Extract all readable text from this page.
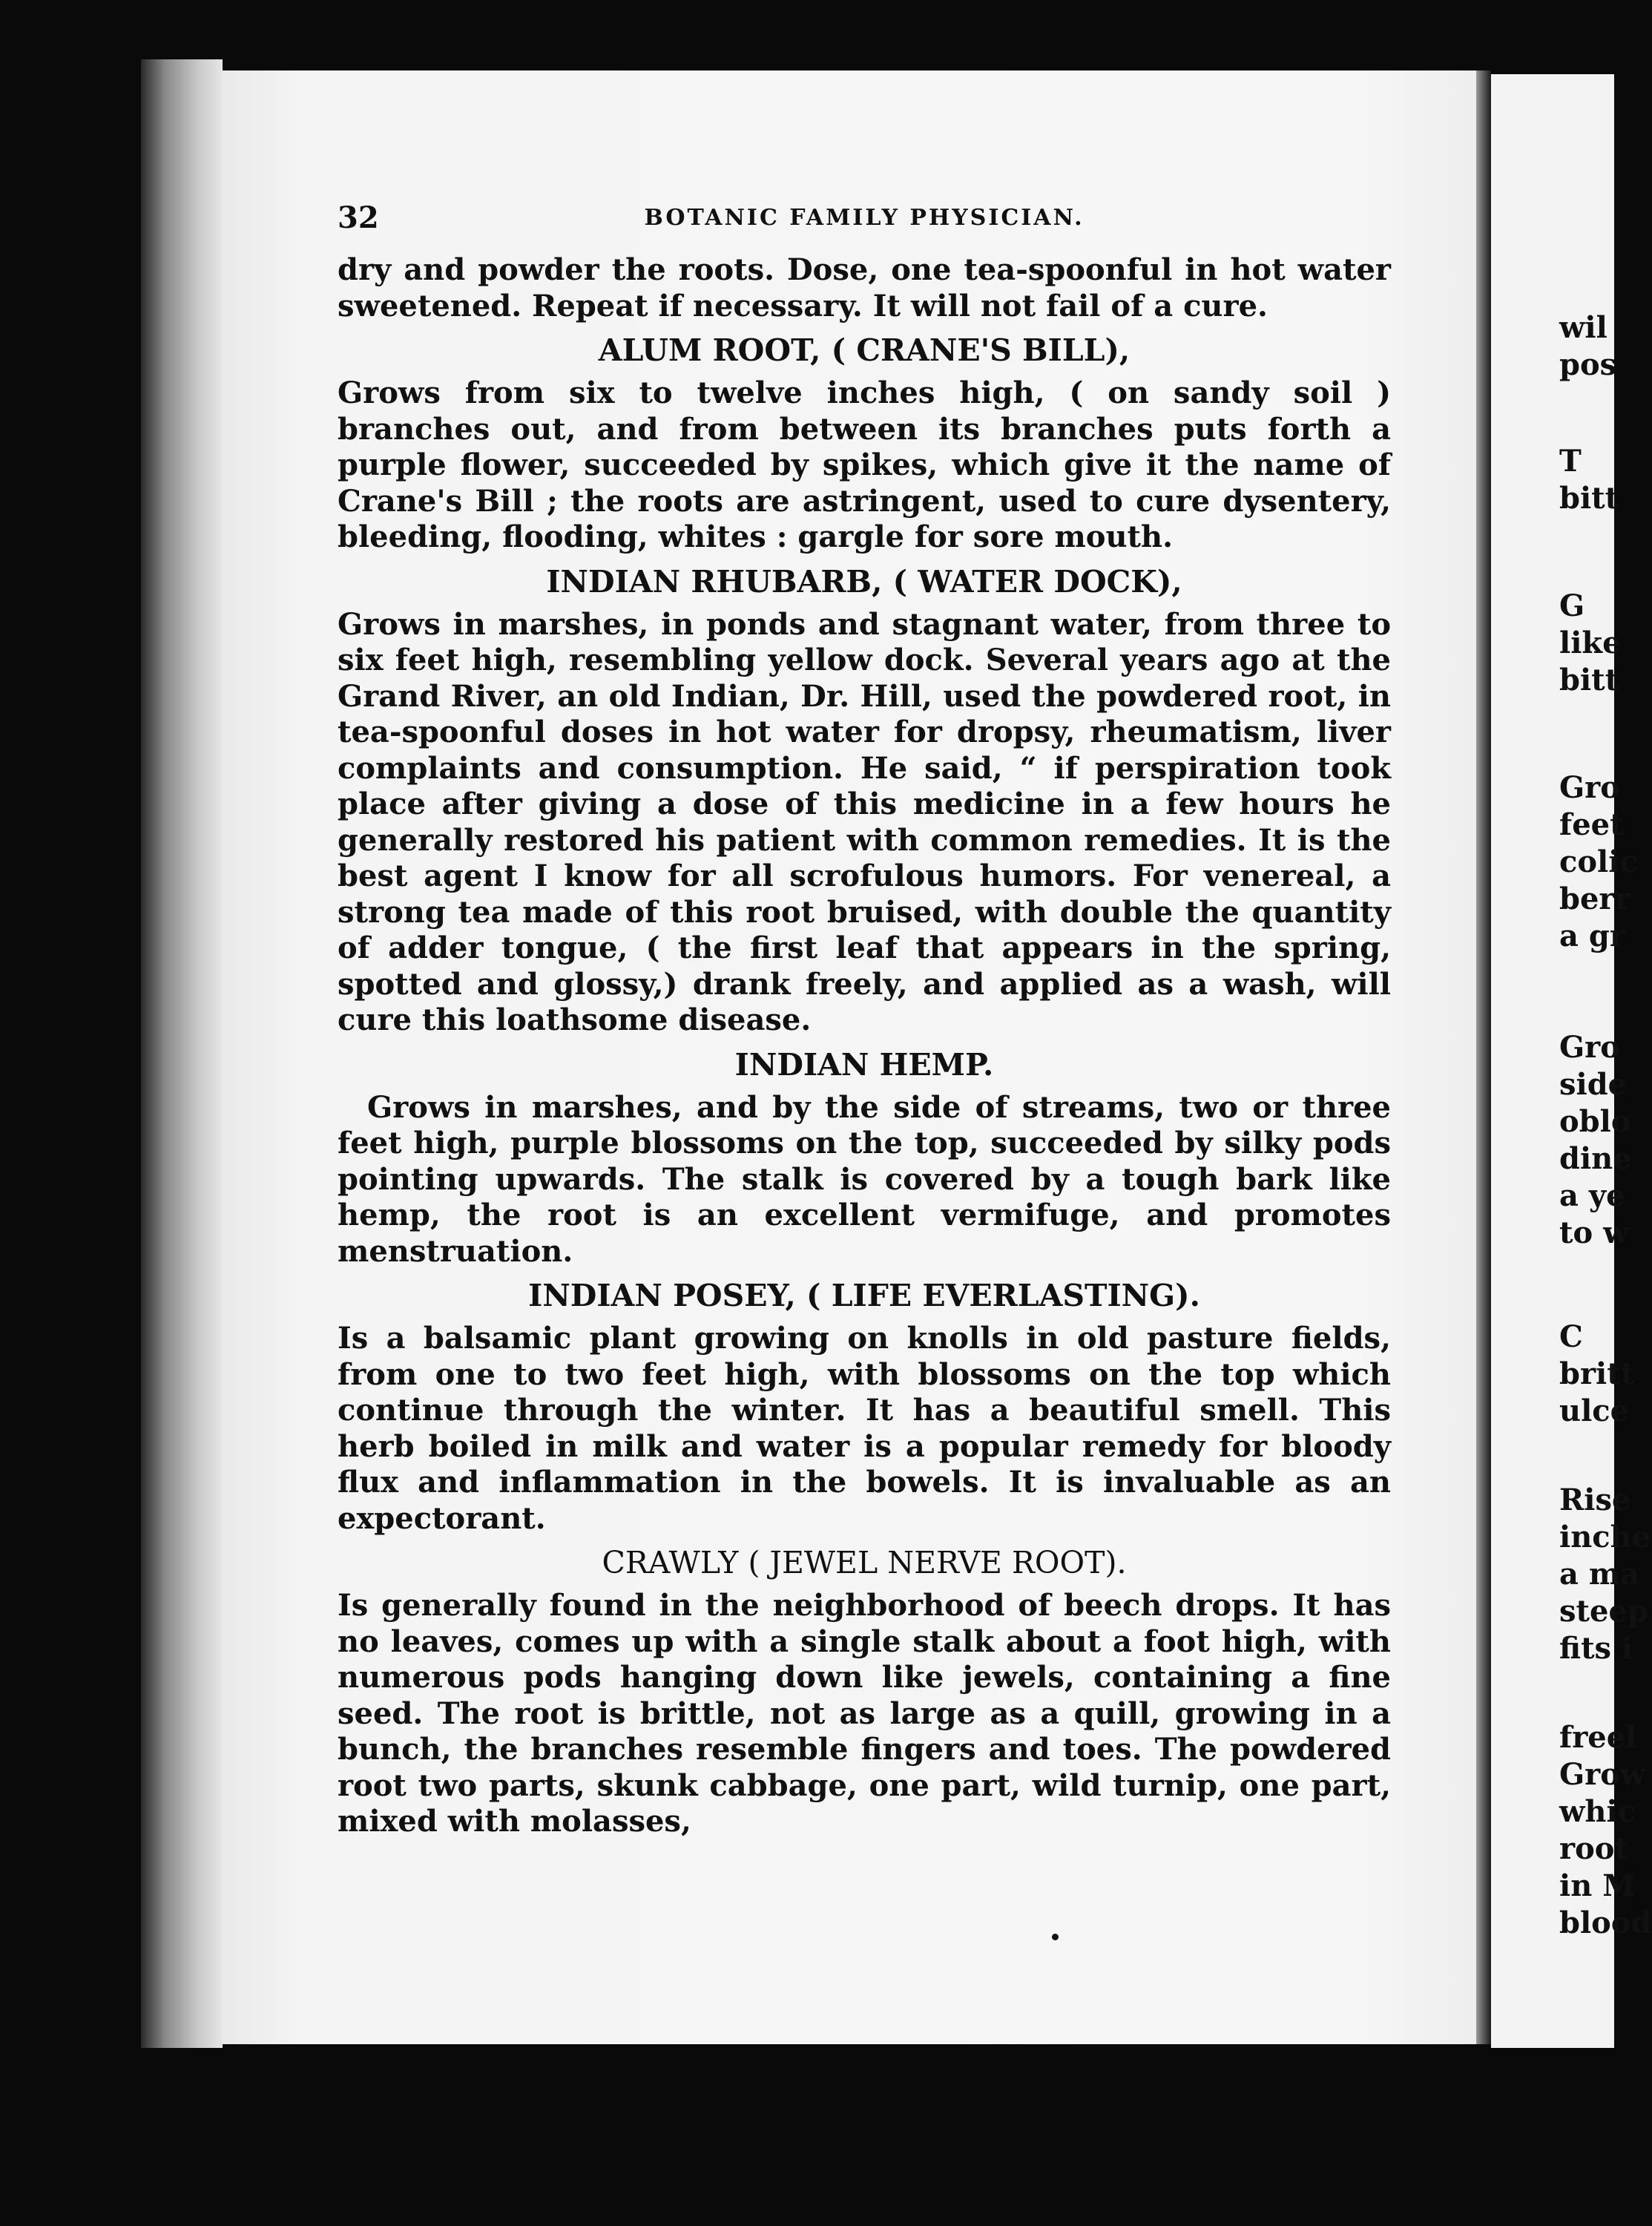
wil
pos
T
bitt
G
like
bitt
Gro
feet
colic
berr
a gr
Gro
side
oblo
dine
a ye
to w
C
britt
ulce
Rise
inche
a ma
steep
fits i
freel
Grow
whic
root
in M
blood
32	BOTANIC FAMILY PHYSICIAN.

dry and powder the roots. Dose, one tea-spoonful in hot water sweetened. Repeat if necessary. It will not fail of a cure.

ALUM ROOT, ( CRANE'S BILL),

Grows from six to twelve inches high, ( on sandy soil ) branches out, and from between its branches puts forth a purple flower, succeeded by spikes, which give it the name of Crane's Bill ; the roots are astringent, used to cure dysentery, bleeding, flooding, whites : gargle for sore mouth.

INDIAN RHUBARB, ( WATER DOCK),

Grows in marshes, in ponds and stagnant water, from three to six feet high, resembling yellow dock. Several years ago at the Grand River, an old Indian, Dr. Hill, used the powdered root, in tea-spoonful doses in hot water for dropsy, rheumatism, liver complaints and consumption. He said, “ if perspiration took place after giving a dose of this medicine in a few hours he generally restored his patient with common remedies. It is the best agent I know for all scrofulous humors. For venereal, a strong tea made of this root bruised, with double the quantity of adder tongue, ( the first leaf that appears in the spring, spotted and glossy,) drank freely, and applied as a wash, will cure this loathsome disease.

INDIAN HEMP.

Grows in marshes, and by the side of streams, two or three feet high, purple blossoms on the top, succeeded by silky pods pointing upwards. The stalk is covered by a tough bark like hemp, the root is an excellent vermifuge, and promotes menstruation.

INDIAN POSEY, ( LIFE EVERLASTING).

Is a balsamic plant growing on knolls in old pasture fields, from one to two feet high, with blossoms on the top which continue through the winter. It has a beautiful smell. This herb boiled in milk and water is a popular remedy for bloody flux and inflammation in the bowels. It is invaluable as an expectorant.

CRAWLY ( JEWEL NERVE ROOT).

Is generally found in the neighborhood of beech drops. It has no leaves, comes up with a single stalk about a foot high, with numerous pods hanging down like jewels, containing a fine seed. The root is brittle, not as large as a quill, growing in a bunch, the branches resemble fingers and toes. The powdered root two parts, skunk cabbage, one part, wild turnip, one part, mixed with molasses,
